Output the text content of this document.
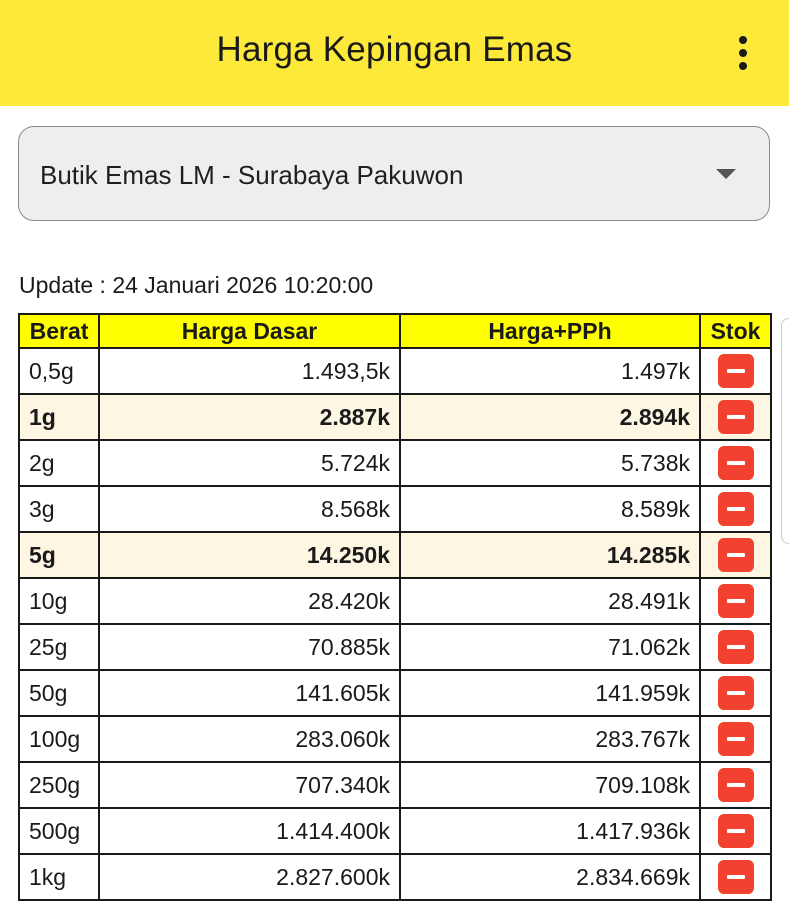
Harga Kepingan Emas
Butik Emas LM - Surabaya Pakuwon
Update : 24 Januari 2026 10:20:00
Berat	Harga Dasar	Harga+PPh	Stok
0,5g	1.493,5k	1.497k	

1g	2.887k	2.894k	

2g	5.724k	5.738k	

3g	8.568k	8.589k	

5g	14.250k	14.285k	

10g	28.420k	28.491k	

25g	70.885k	71.062k	

50g	141.605k	141.959k	

100g	283.060k	283.767k	

250g	707.340k	709.108k	

500g	1.414.400k	1.417.936k	

1kg	2.827.600k	2.834.669k	
